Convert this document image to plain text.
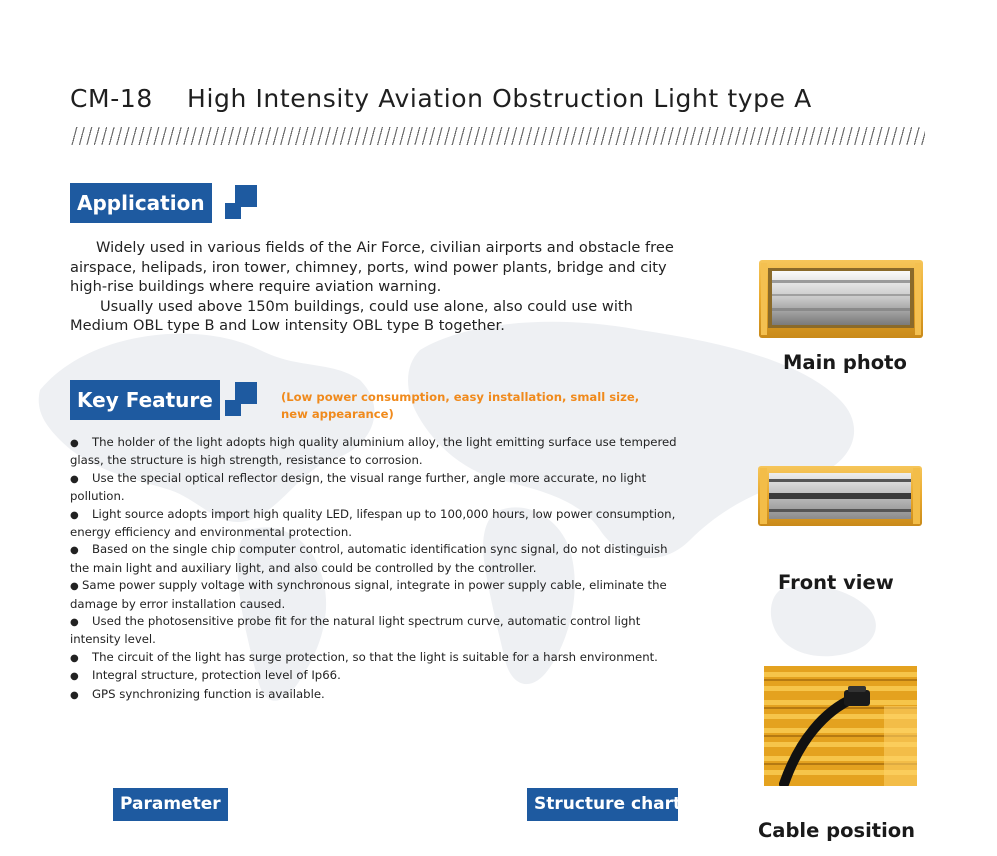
CM-18    High Intensity Aviation Obstruction Light type A
Application

Widely used in various fields of the Air Force, civilian airports and obstacle free airspace, helipads, iron tower, chimney, ports, wind power plants, bridge and city high-rise buildings where require aviation warning.

Usually used above 150m buildings, could use alone, also could use with Medium OBL type B and Low intensity OBL type B together.

Key Feature	(Low power consumption, easy installation, small size, new appearance)
● The holder of the light adopts high quality aluminium alloy, the light emitting surface use tempered glass, the structure is high strength, resistance to corrosion.
● Use the special optical reflector design, the visual range further, angle more accurate, no light pollution.
● Light source adopts import high quality LED, lifespan up to 100,000 hours, low power consumption, energy efficiency and environmental protection.
● Based on the single chip computer control, automatic identification sync signal, do not distinguish the main light and auxiliary light, and also could be controlled by the controller.
● Same power supply voltage with synchronous signal, integrate in power supply cable, eliminate the damage by error installation caused.
● Used the photosensitive probe fit for the natural light spectrum curve, automatic control light intensity level.
● The circuit of the light has surge protection, so that the light is suitable for a harsh environment.
● Integral structure, protection level of Ip66.
● GPS synchronizing function is available.
Parameter	Structure chart
Main photo
Front view
Cable position
